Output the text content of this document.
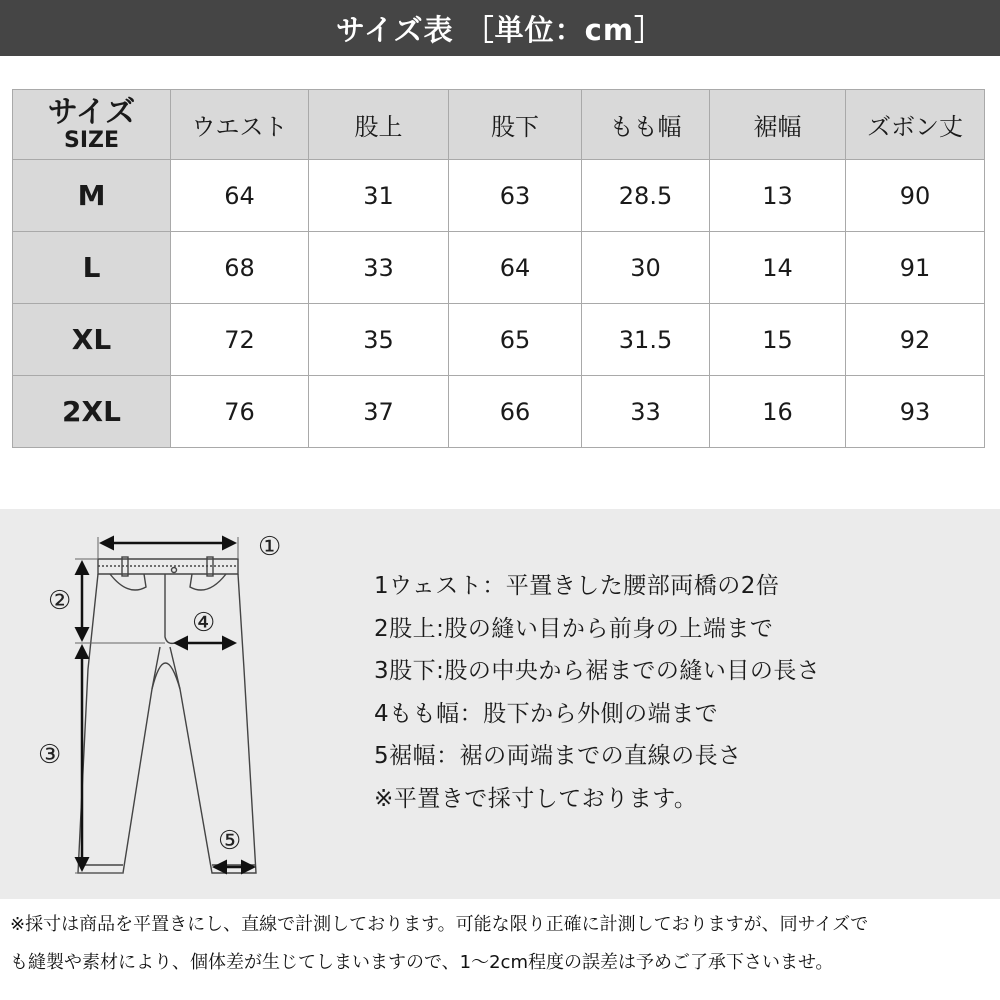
サイズ表 ［単位：cm］
サイズ
SIZE	ウエスト	股上	股下	もも幅	裾幅	ズボン丈
M	64	31	63	28.5	13	90
L	68	33	64	30	14	91
XL	72	35	65	31.5	15	92
2XL	76	37	66	33	16	93
①
②
③
④
⑤
1ウェスト：平置きした腰部両橋の2倍
2股上:股の縫い目から前身の上端まで
3股下:股の中央から裾までの縫い目の長さ
4もも幅：股下から外側の端まで
5裾幅：裾の両端までの直線の長さ
※平置きで採寸しております。

※採寸は商品を平置きにし、直線で計測しております。可能な限り正確に計測しておりますが、同サイズで

も縫製や素材により、個体差が生じてしまいますので、1〜2cm程度の誤差は予めご了承下さいませ。
